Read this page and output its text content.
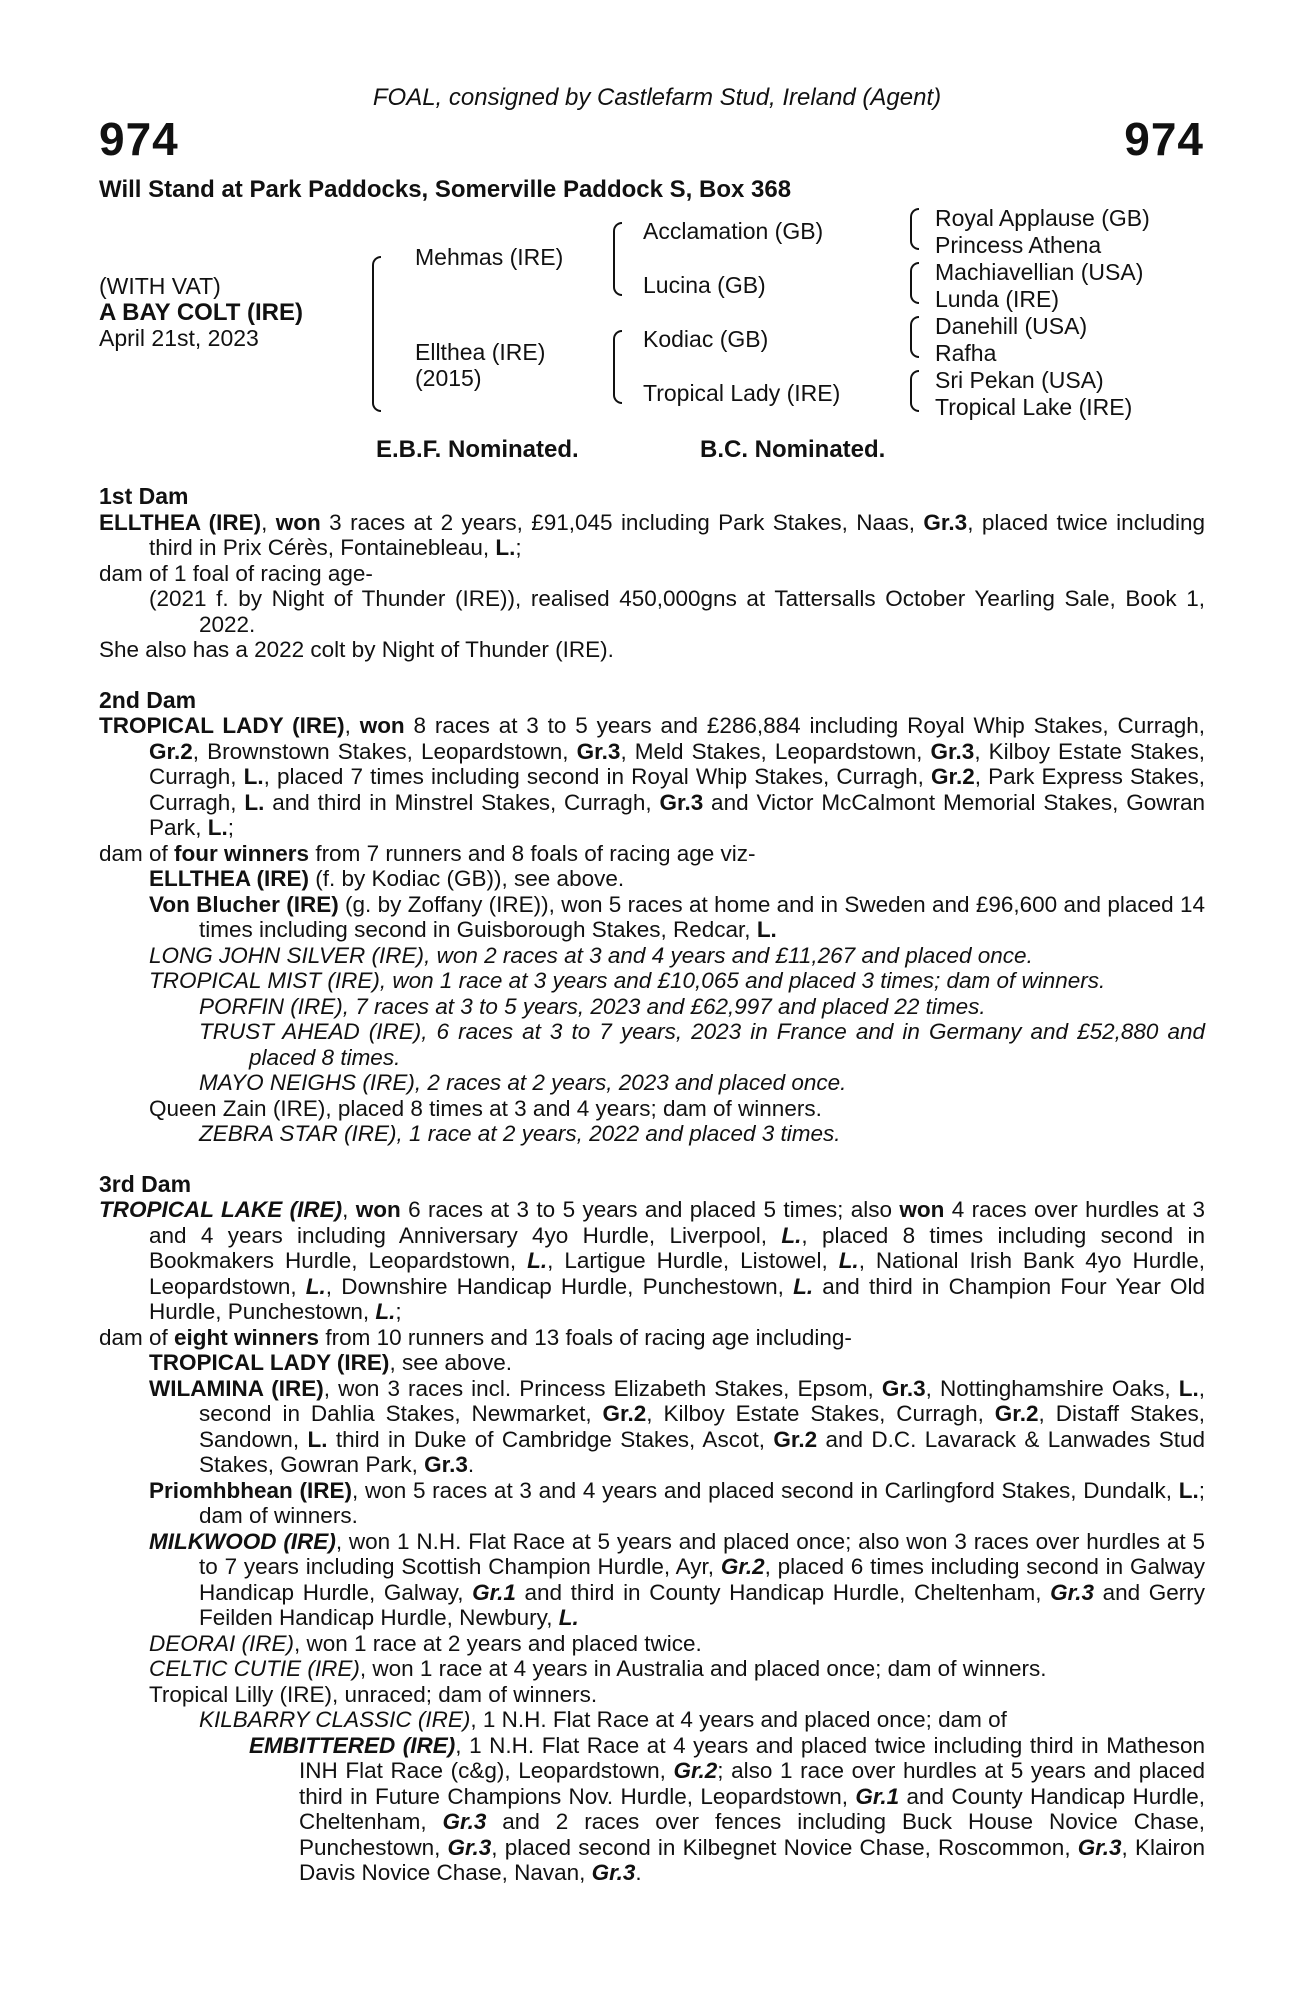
FOAL, consigned by Castlefarm Stud, Ireland (Agent)
974	974
Will Stand at Park Paddocks, Somerville Paddock S, Box 368
(WITH VAT)
A BAY COLT (IRE)
April 21st, 2023
Mehmas (IRE)
Ellthea (IRE)
(2015)
Acclamation (GB)
Lucina (GB)
Kodiac (GB)
Tropical Lady (IRE)
Royal Applause (GB)
Princess Athena
Machiavellian (USA)
Lunda (IRE)
Danehill (USA)
Rafha
Sri Pekan (USA)
Tropical Lake (IRE)
E.B.F. Nominated.	B.C. Nominated.

1st Dam

ELLTHEA (IRE), won 3 races at 2 years, £91,045 including Park Stakes, Naas, Gr.3, placed twice including third in Prix Cérès, Fontainebleau, L.;

dam of 1 foal of racing age-

(2021 f. by Night of Thunder (IRE)), realised 450,000gns at Tattersalls October Yearling Sale, Book 1, 2022.

She also has a 2022 colt by Night of Thunder (IRE).

2nd Dam

TROPICAL LADY (IRE), won 8 races at 3 to 5 years and £286,884 including Royal Whip Stakes, Curragh, Gr.2, Brownstown Stakes, Leopardstown, Gr.3, Meld Stakes, Leopardstown, Gr.3, Kilboy Estate Stakes, Curragh, L., placed 7 times including second in Royal Whip Stakes, Curragh, Gr.2, Park Express Stakes, Curragh, L. and third in Minstrel Stakes, Curragh, Gr.3 and Victor McCalmont Memorial Stakes, Gowran Park, L.;

dam of four winners from 7 runners and 8 foals of racing age viz-

ELLTHEA (IRE) (f. by Kodiac (GB)), see above.

Von Blucher (IRE) (g. by Zoffany (IRE)), won 5 races at home and in Sweden and £96,600 and placed 14 times including second in Guisborough Stakes, Redcar, L.

LONG JOHN SILVER (IRE), won 2 races at 3 and 4 years and £11,267 and placed once.

TROPICAL MIST (IRE), won 1 race at 3 years and £10,065 and placed 3 times; dam of winners.

PORFIN (IRE), 7 races at 3 to 5 years, 2023 and £62,997 and placed 22 times.

TRUST AHEAD (IRE), 6 races at 3 to 7 years, 2023 in France and in Germany and £52,880 and placed 8 times.

MAYO NEIGHS (IRE), 2 races at 2 years, 2023 and placed once.

Queen Zain (IRE), placed 8 times at 3 and 4 years; dam of winners.

ZEBRA STAR (IRE), 1 race at 2 years, 2022 and placed 3 times.

3rd Dam

TROPICAL LAKE (IRE), won 6 races at 3 to 5 years and placed 5 times; also won 4 races over hurdles at 3 and 4 years including Anniversary 4yo Hurdle, Liverpool, L., placed 8 times including second in Bookmakers Hurdle, Leopardstown, L., Lartigue Hurdle, Listowel, L., National Irish Bank 4yo Hurdle, Leopardstown, L., Downshire Handicap Hurdle, Punchestown, L. and third in Champion Four Year Old Hurdle, Punchestown, L.;

dam of eight winners from 10 runners and 13 foals of racing age including-

TROPICAL LADY (IRE), see above.

WILAMINA (IRE), won 3 races incl. Princess Elizabeth Stakes, Epsom, Gr.3, Nottinghamshire Oaks, L., second in Dahlia Stakes, Newmarket, Gr.2, Kilboy Estate Stakes, Curragh, Gr.2, Distaff Stakes, Sandown, L. third in Duke of Cambridge Stakes, Ascot, Gr.2 and D.C. Lavarack & Lanwades Stud Stakes, Gowran Park, Gr.3.

Priomhbhean (IRE), won 5 races at 3 and 4 years and placed second in Carlingford Stakes, Dundalk, L.; dam of winners.

MILKWOOD (IRE), won 1 N.H. Flat Race at 5 years and placed once; also won 3 races over hurdles at 5 to 7 years including Scottish Champion Hurdle, Ayr, Gr.2, placed 6 times including second in Galway Handicap Hurdle, Galway, Gr.1 and third in County Handicap Hurdle, Cheltenham, Gr.3 and Gerry Feilden Handicap Hurdle, Newbury, L.

DEORAI (IRE), won 1 race at 2 years and placed twice.

CELTIC CUTIE (IRE), won 1 race at 4 years in Australia and placed once; dam of winners.

Tropical Lilly (IRE), unraced; dam of winners.

KILBARRY CLASSIC (IRE), 1 N.H. Flat Race at 4 years and placed once; dam of

EMBITTERED (IRE), 1 N.H. Flat Race at 4 years and placed twice including third in Matheson INH Flat Race (c&g), Leopardstown, Gr.2; also 1 race over hurdles at 5 years and placed third in Future Champions Nov. Hurdle, Leopardstown, Gr.1 and County Handicap Hurdle, Cheltenham, Gr.3 and 2 races over fences including Buck House Novice Chase, Punchestown, Gr.3, placed second in Kilbegnet Novice Chase, Roscommon, Gr.3, Klairon Davis Novice Chase, Navan, Gr.3.
